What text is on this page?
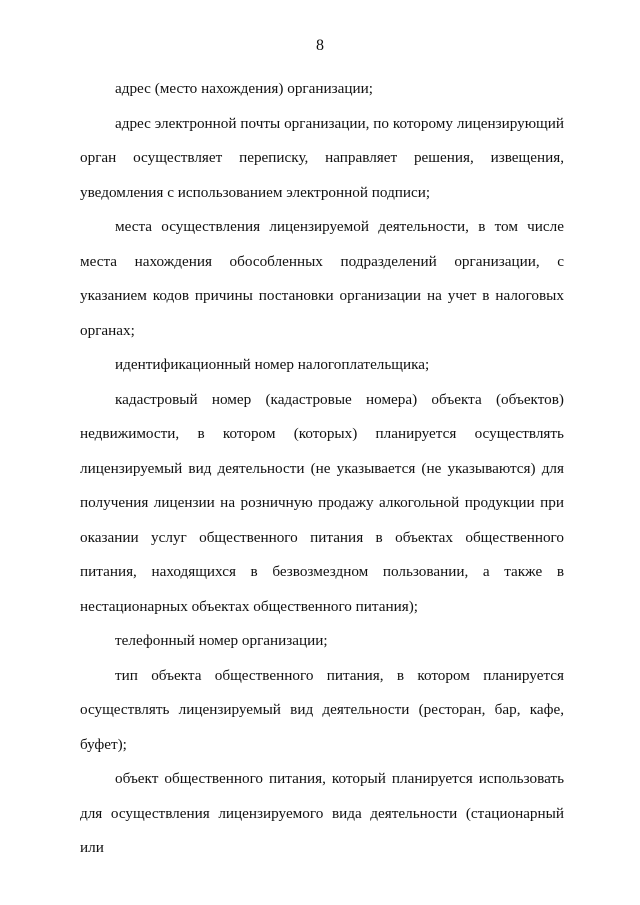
8

адрес (место нахождения) организации;

адрес электронной почты организации, по которому лицензирующий орган осуществляет переписку, направляет решения, извещения, уведомления с использованием электронной подписи;

места осуществления лицензируемой деятельности, в том числе места нахождения обособленных подразделений организации, с указанием кодов причины постановки организации на учет в налоговых органах;

идентификационный номер налогоплательщика;

кадастровый номер (кадастровые номера) объекта (объектов) недвижимости, в котором (которых) планируется осуществлять лицензируемый вид деятельности (не указывается (не указываются) для получения лицензии на розничную продажу алкогольной продукции при оказании услуг общественного питания в объектах общественного питания, находящихся в безвозмездном пользовании, а также в нестационарных объектах общественного питания);

телефонный номер организации;

тип объекта общественного питания, в котором планируется осуществлять лицензируемый вид деятельности (ресторан, бар, кафе, буфет);

объект общественного питания, который планируется использовать для осуществления лицензируемого вида деятельности (стационарный или
